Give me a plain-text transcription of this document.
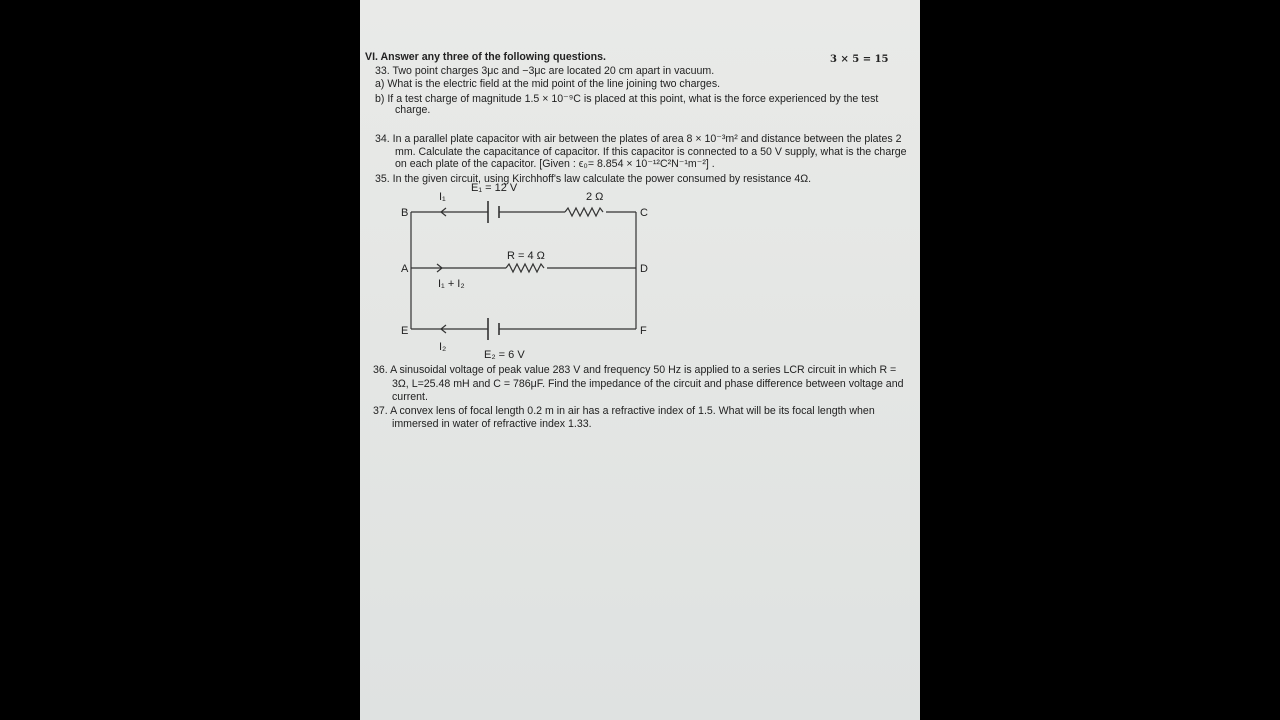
VI. Answer any three of the following questions.	3 × 5 = 15
33. Two point charges 3μc and −3μc are located 20 cm apart in vacuum.
a) What is the electric field at the mid point of the line joining two charges.
b) If a test charge of magnitude 1.5 × 10⁻⁹C is placed at this point, what is the force experienced by the test
charge.
34. In a parallel plate capacitor with air between the plates of area 8 × 10⁻³m² and distance between the plates 2
mm. Calculate the capacitance of capacitor. If this capacitor is connected to a 50 V supply, what is the charge
on each plate of the capacitor. [Given : ϵ₀= 8.854 × 10⁻¹²C²N⁻¹m⁻²] .
35. In the given circuit, using Kirchhoff's law calculate the power consumed by resistance 4Ω.
E₁ = 12 V
2 Ω
R = 4 Ω
E₂ = 6 V
I₁
I₁ + I₂
I₂
B	C
A	D
E	F
36. A sinusoidal voltage of peak value 283 V and frequency 50 Hz is applied to a series LCR circuit in which R =
3Ω, L=25.48 mH and C = 786μF. Find the impedance of the circuit and phase difference between voltage and
current.
37. A convex lens of focal length 0.2 m in air has a refractive index of 1.5. What will be its focal length when
immersed in water of refractive index 1.33.
